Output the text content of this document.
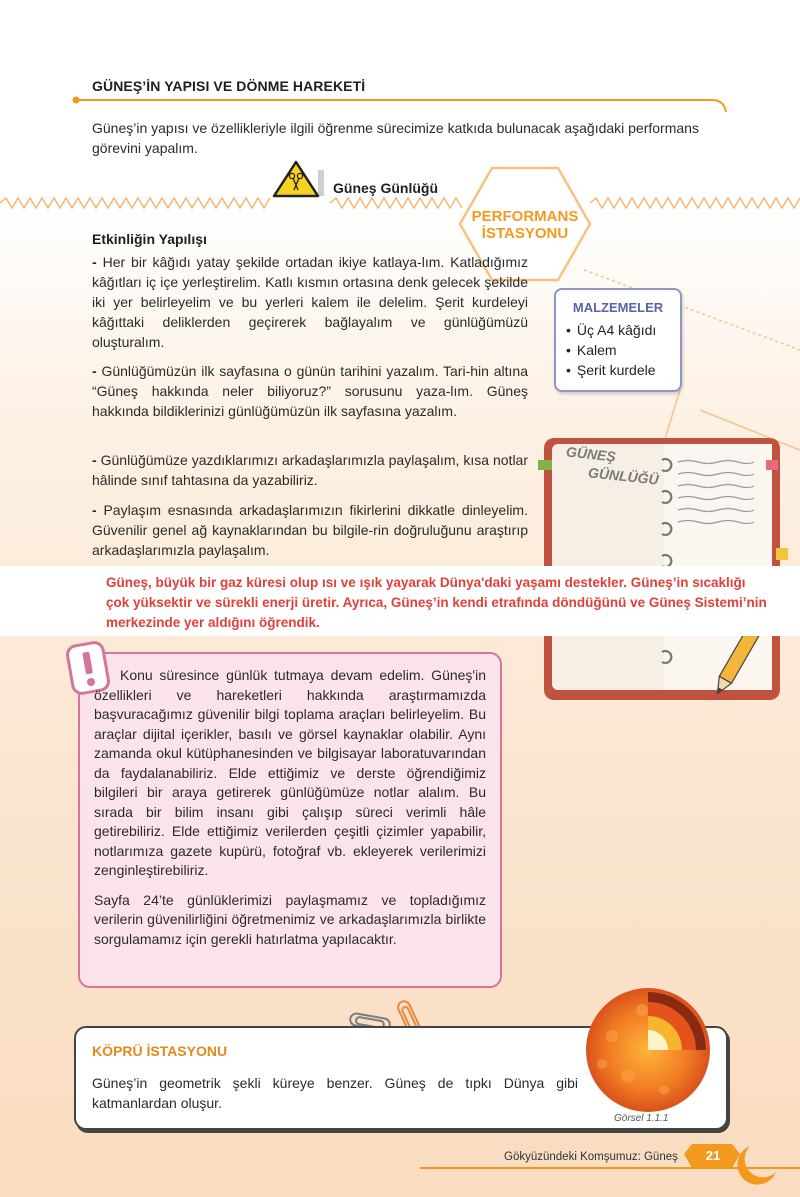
GÜNEŞ’İN YAPISI VE DÖNME HAREKETİ
Güneş’in yapısı ve özellikleriyle ilgili öğrenme sürecimize katkıda bulunacak aşağıdaki performans görevini yapalım.
Güneş Günlüğü
PERFORMANS
İSTASYONU
Etkinliğin Yapılışı
- Her bir kâğıdı yatay şekilde ortadan ikiye katlaya-lım. Katladığımız kâğıtları iç içe yerleştirelim. Katlı kısmın ortasına denk gelecek şekilde iki yer belirleyelim ve bu yerleri kalem ile delelim. Şerit kurdeleyi kâğıttaki deliklerden geçirerek bağlayalım ve günlüğümüzü oluşturalım.
- Günlüğümüzün ilk sayfasına o günün tarihini yazalım. Tari-hin altına “Güneş hakkında neler biliyoruz?” sorusunu yaza-lım. Güneş hakkında bildiklerinizi günlüğümüzün ilk sayfasına yazalım.
- Günlüğümüze yazdıklarımızı arkadaşlarımızla paylaşalım, kısa notlar hâlinde sınıf tahtasına da yazabiliriz.
- Paylaşım esnasında arkadaşlarımızın fikirlerini dikkatle dinleyelim. Güvenilir genel ağ kaynaklarından bu bilgile-rin doğruluğunu araştırıp arkadaşlarımızla paylaşalım.
MALZEMELER
• Üç A4 kâğıdı
• Kalem
• Şerit kurdele
GÜNEŞ
GÜNLÜĞÜ
Güneş, büyük bir gaz küresi olup ısı ve ışık yayarak Dünya'daki yaşamı destekler. Güneş’in sıcaklığı çok yüksektir ve sürekli enerji üretir. Ayrıca, Güneş’in kendi etrafında döndüğünü ve Güneş Sistemi’nin merkezinde yer aldığını öğrendik.

Konu süresince günlük tutmaya devam edelim. Güneş'in özellikleri ve hareketleri hakkında araştırmamızda başvuracağımız güvenilir bilgi toplama araçları belirleyelim. Bu araçlar dijital içerikler, basılı ve görsel kaynaklar olabilir. Aynı zamanda okul kütüphanesinden ve bilgisayar laboratuvarından da faydalanabiliriz. Elde ettiğimiz ve derste öğrendiğimiz bilgileri bir araya getirerek günlüğümüze notlar alalım. Bu sırada bir bilim insanı gibi çalışıp süreci verimli hâle getirebiliriz. Elde ettiğimiz verilerden çeşitli çizimler yapabilir, notlarımıza gazete kupürü, fotoğraf vb. ekleyerek verilerimizi zenginleştirebiliriz.

Sayfa 24’te günlüklerimizi paylaşmamız ve topladığımız verilerin güvenilirliğini öğretmenimiz ve arkadaşlarımızla birlikte sorgulamamız için gerekli hatırlatma yapılacaktır.

KÖPRÜ İSTASYONU
Güneş’in geometrik şekli küreye benzer. Güneş de tıpkı Dünya gibi katmanlardan oluşur.
Görsel 1.1.1
Gökyüzündeki Komşumuz: Güneş	21
